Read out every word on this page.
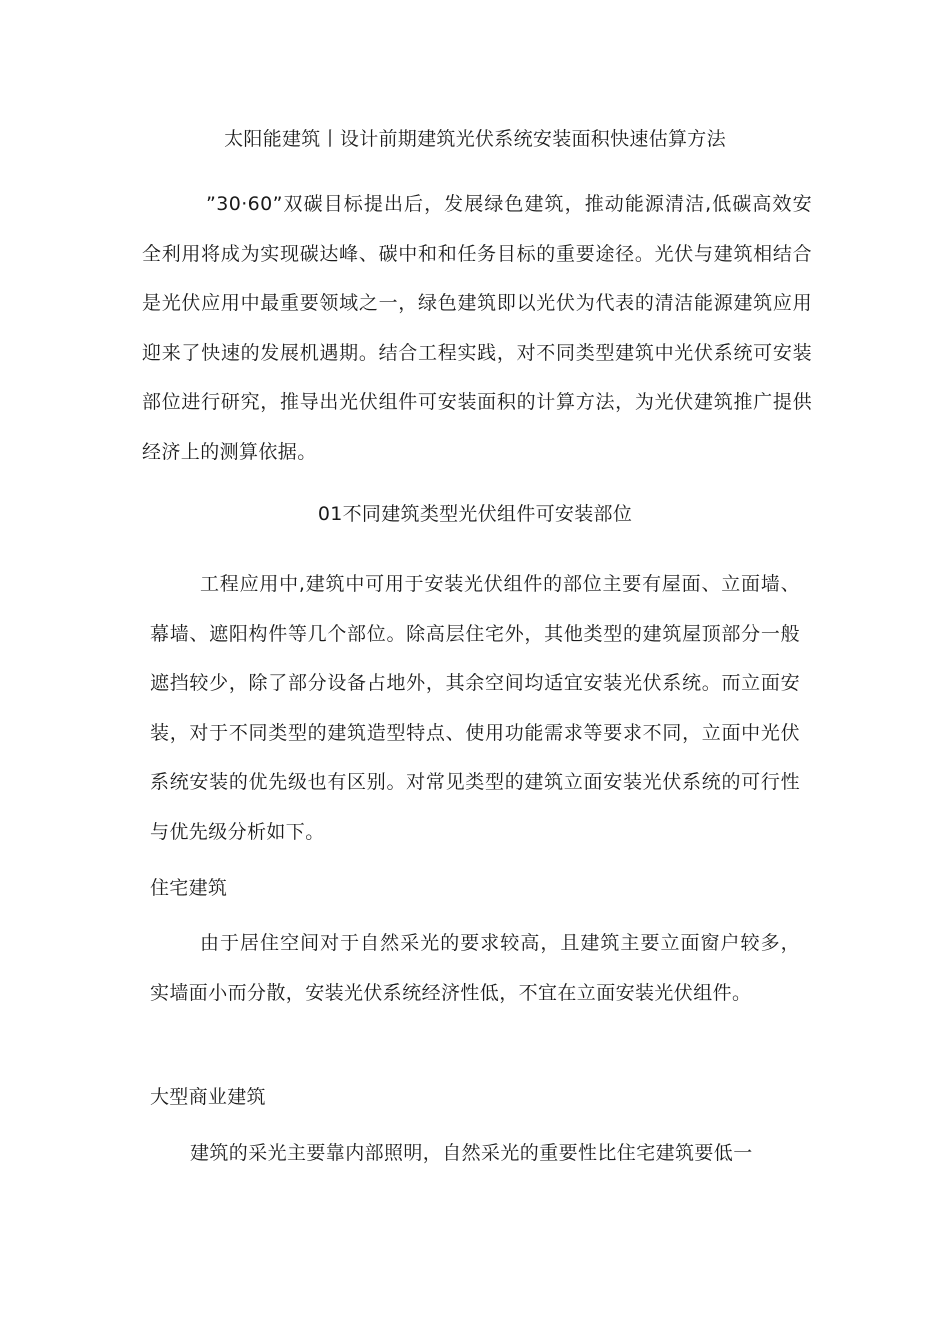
太阳能建筑丨设计前期建筑光伏系统安装面积快速估算方法

”30·60”双碳目标提出后，发展绿色建筑，推动能源清洁,低碳高效安全利用将成为实现碳达峰、碳中和和任务目标的重要途径。光伏与建筑相结合是光伏应用中最重要领域之一，绿色建筑即以光伏为代表的清洁能源建筑应用迎来了快速的发展机遇期。结合工程实践，对不同类型建筑中光伏系统可安装部位进行研究，推导出光伏组件可安装面积的计算方法，为光伏建筑推广提供经济上的测算依据。

01不同建筑类型光伏组件可安装部位

工程应用中,建筑中可用于安装光伏组件的部位主要有屋面、立面墙、幕墙、遮阳构件等几个部位。除高层住宅外，其他类型的建筑屋顶部分一般遮挡较少，除了部分设备占地外，其余空间均适宜安装光伏系统。而立面安装，对于不同类型的建筑造型特点、使用功能需求等要求不同，立面中光伏系统安装的优先级也有区别。对常见类型的建筑立面安装光伏系统的可行性与优先级分析如下。

住宅建筑

由于居住空间对于自然采光的要求较高，且建筑主要立面窗户较多，实墙面小而分散，安装光伏系统经济性低，不宜在立面安装光伏组件。

大型商业建筑

建筑的采光主要靠内部照明，自然采光的重要性比住宅建筑要低一
